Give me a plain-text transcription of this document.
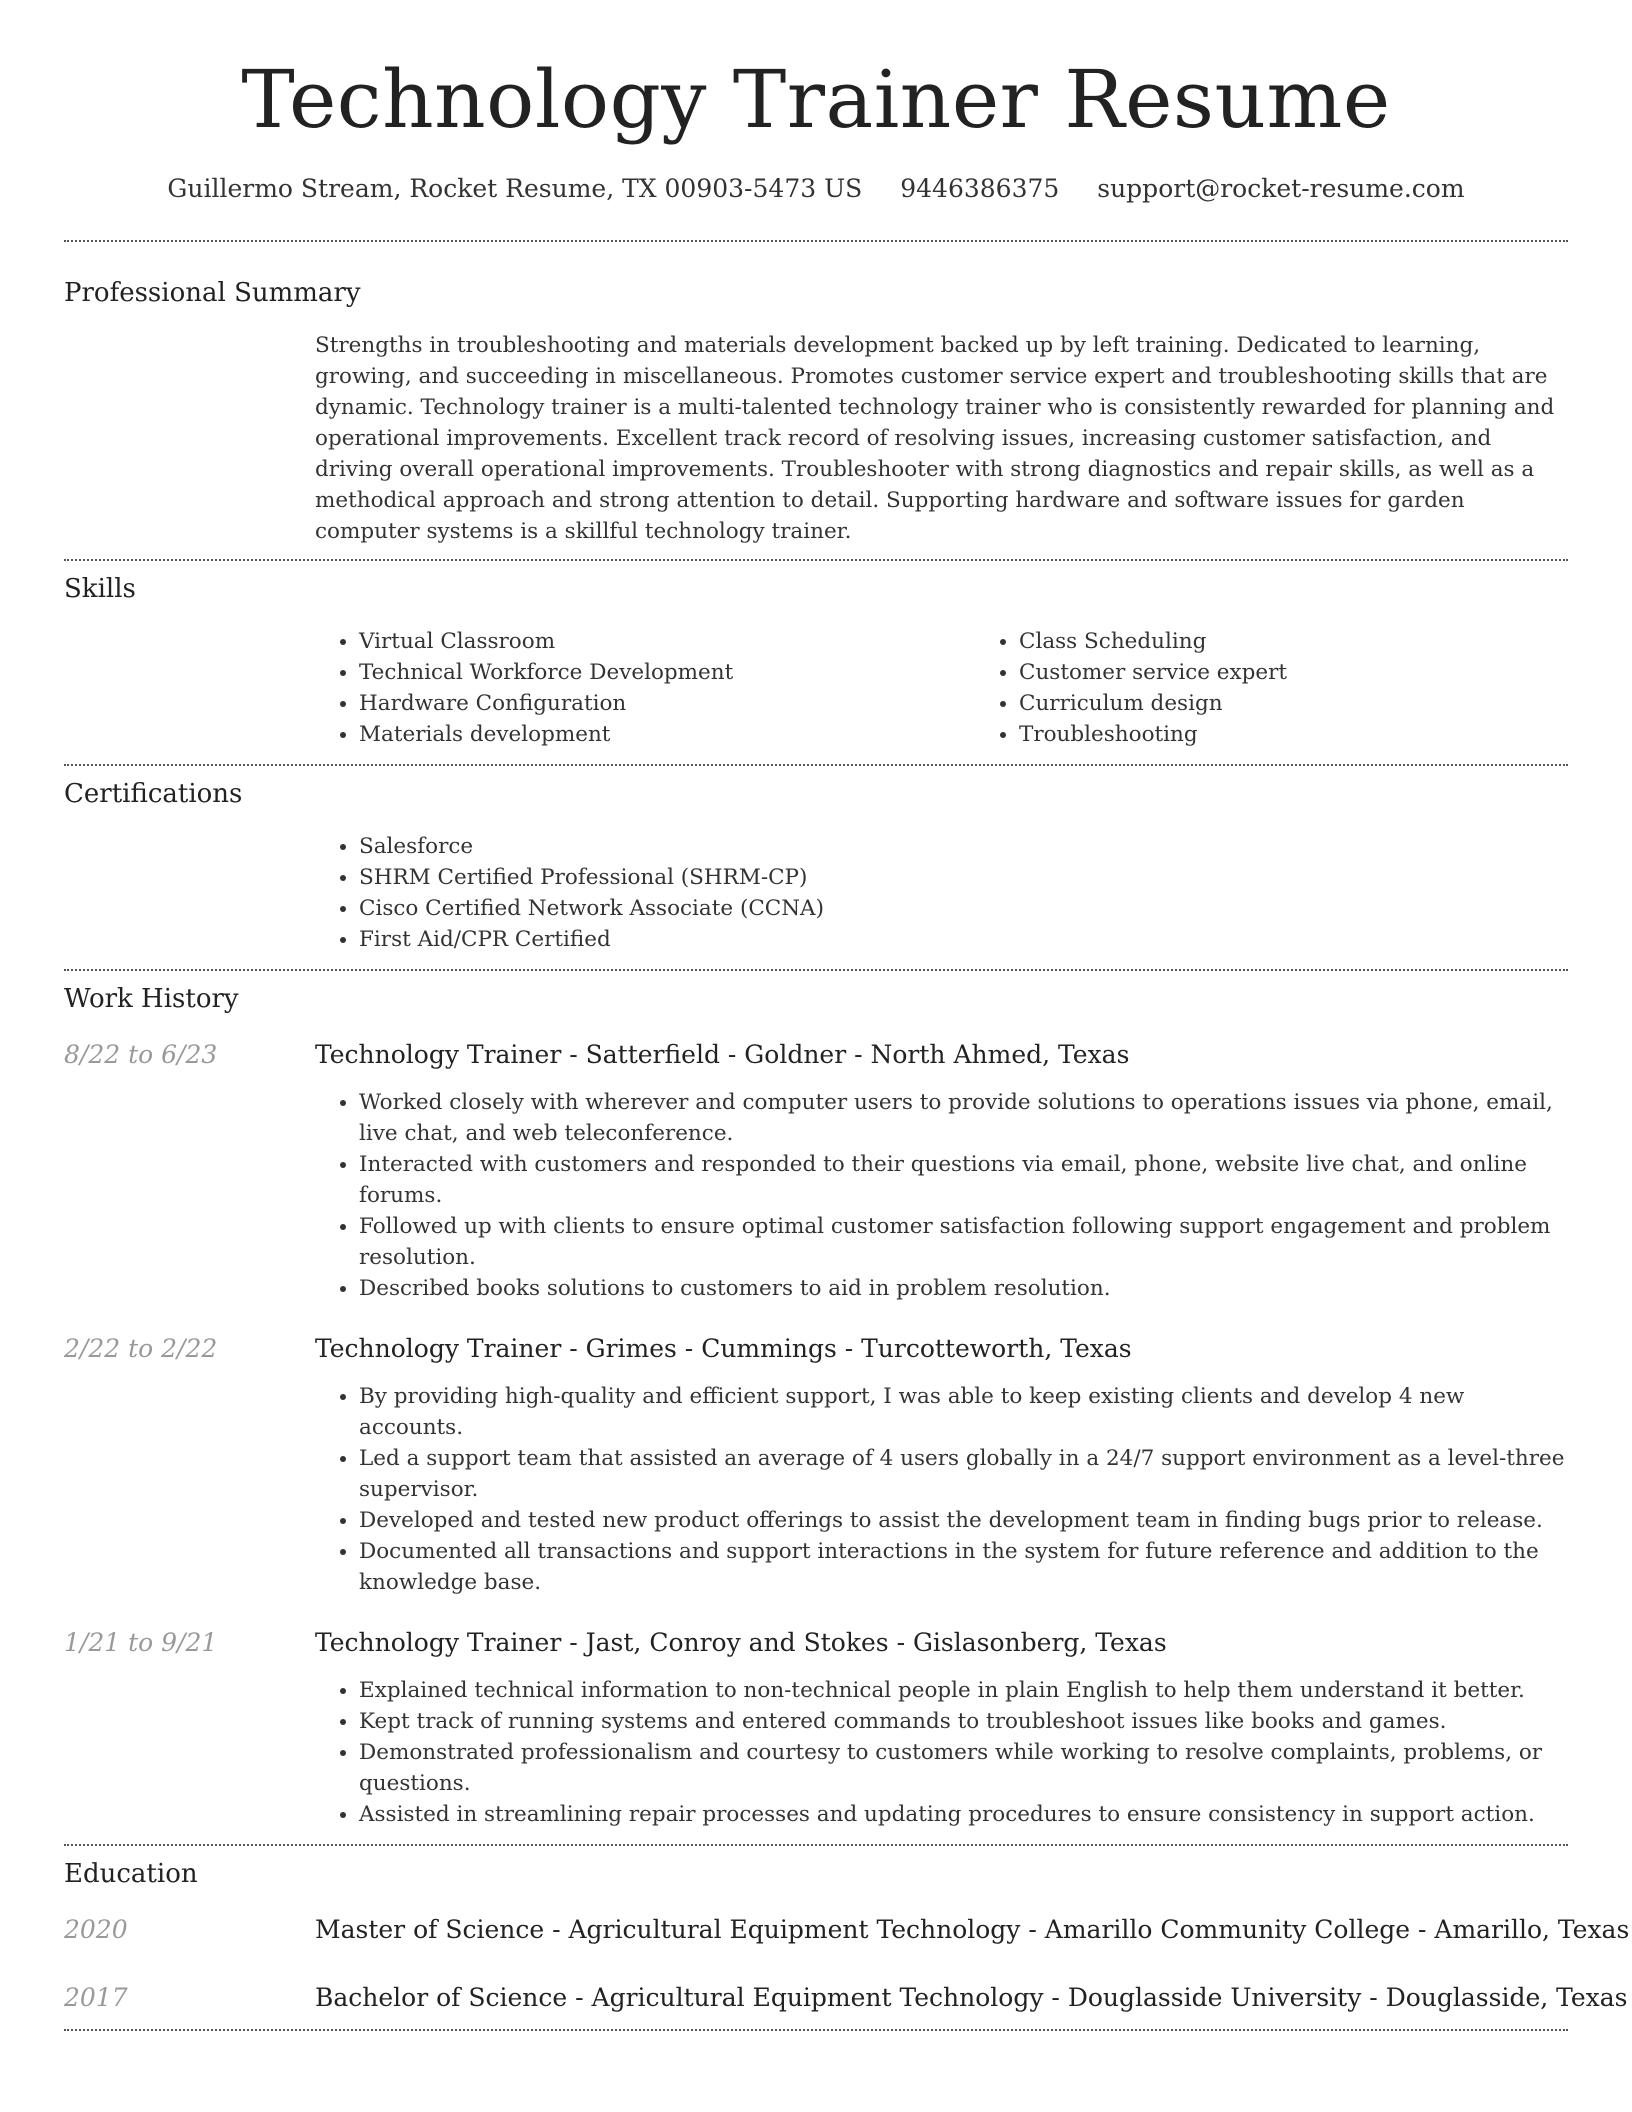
Technology Trainer Resume
Guillermo Stream, Rocket Resume, TX 00903-5473 US 9446386375 support@rocket-resume.com
Professional Summary

Strengths in troubleshooting and materials development backed up by left training. Dedicated to learning, growing, and succeeding in miscellaneous. Promotes customer service expert and troubleshooting skills that are dynamic. Technology trainer is a multi-talented technology trainer who is consistently rewarded for planning and operational improvements. Excellent track record of resolving issues, increasing customer satisfaction, and driving overall operational improvements. Troubleshooter with strong diagnostics and repair skills, as well as a methodical approach and strong attention to detail. Supporting hardware and software issues for garden computer systems is a skillful technology trainer.

Skills
• Virtual Classroom
• Technical Workforce Development
• Hardware Configuration
• Materials development
• Class Scheduling
• Customer service expert
• Curriculum design
• Troubleshooting
Certifications
• Salesforce
• SHRM Certified Professional (SHRM-CP)
• Cisco Certified Network Associate (CCNA)
• First Aid/CPR Certified
Work History
8/22 to 6/23	Technology Trainer - Satterfield - Goldner - North Ahmed, Texas
• Worked closely with wherever and computer users to provide solutions to operations issues via phone, email, live chat, and web teleconference.
• Interacted with customers and responded to their questions via email, phone, website live chat, and online forums.
• Followed up with clients to ensure optimal customer satisfaction following support engagement and problem resolution.
• Described books solutions to customers to aid in problem resolution.
2/22 to 2/22	Technology Trainer - Grimes - Cummings - Turcotteworth, Texas
• By providing high-quality and efficient support, I was able to keep existing clients and develop 4 new accounts.
• Led a support team that assisted an average of 4 users globally in a 24/7 support environment as a level-three supervisor.
• Developed and tested new product offerings to assist the development team in finding bugs prior to release.
• Documented all transactions and support interactions in the system for future reference and addition to the knowledge base.
1/21 to 9/21	Technology Trainer - Jast, Conroy and Stokes - Gislasonberg, Texas
• Explained technical information to non-technical people in plain English to help them understand it better.
• Kept track of running systems and entered commands to troubleshoot issues like books and games.
• Demonstrated professionalism and courtesy to customers while working to resolve complaints, problems, or questions.
• Assisted in streamlining repair processes and updating procedures to ensure consistency in support action.
Education
2020	Master of Science - Agricultural Equipment Technology - Amarillo Community College - Amarillo, Texas
2017	Bachelor of Science - Agricultural Equipment Technology - Douglasside University - Douglasside, Texas
